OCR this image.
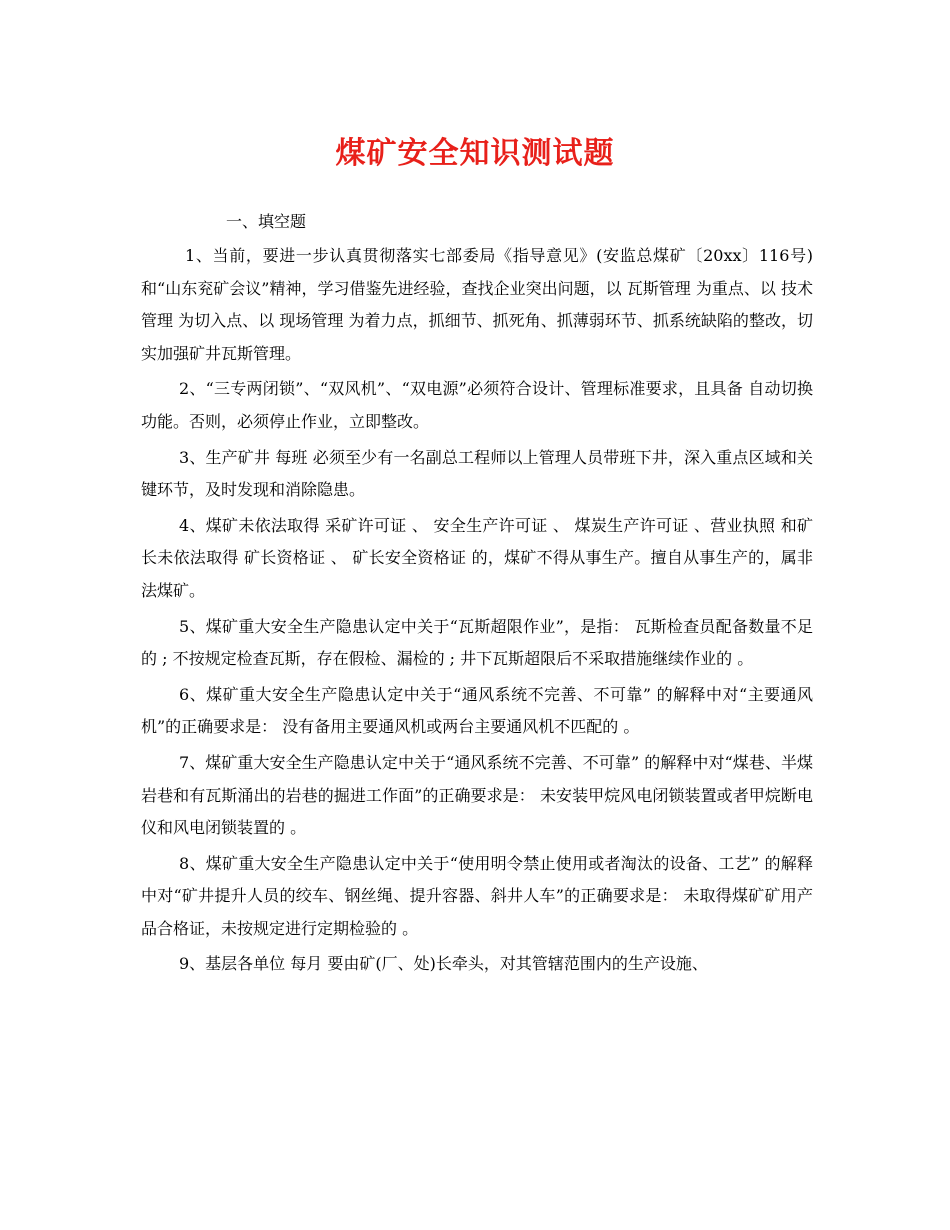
煤矿安全知识测试题
一、填空题

1、当前，要进一步认真贯彻落实七部委局《指导意见》(安监总煤矿〔20xx〕116号)和“山东兖矿会议”精神，学习借鉴先进经验，查找企业突出问题，以 瓦斯管理 为重点、以 技术管理 为切入点、以 现场管理 为着力点，抓细节、抓死角、抓薄弱环节、抓系统缺陷的整改，切实加强矿井瓦斯管理。

2、“三专两闭锁”、“双风机”、“双电源”必须符合设计、管理标准要求，且具备 自动切换 功能。否则，必须停止作业，立即整改。

3、生产矿井 每班 必须至少有一名副总工程师以上管理人员带班下井，深入重点区域和关键环节，及时发现和消除隐患。

4、煤矿未依法取得 采矿许可证 、 安全生产许可证 、 煤炭生产许可证 、营业执照 和矿长未依法取得 矿长资格证 、 矿长安全资格证 的，煤矿不得从事生产。擅自从事生产的，属非法煤矿。

5、煤矿重大安全生产隐患认定中关于“瓦斯超限作业”，是指： 瓦斯检查员配备数量不足的 ; 不按规定检查瓦斯，存在假检、漏检的 ; 井下瓦斯超限后不采取措施继续作业的 。

6、煤矿重大安全生产隐患认定中关于“通风系统不完善、不可靠” 的解释中对“主要通风机”的正确要求是： 没有备用主要通风机或两台主要通风机不匹配的 。

7、煤矿重大安全生产隐患认定中关于“通风系统不完善、不可靠” 的解释中对“煤巷、半煤岩巷和有瓦斯涌出的岩巷的掘进工作面”的正确要求是： 未安装甲烷风电闭锁装置或者甲烷断电仪和风电闭锁装置的 。

8、煤矿重大安全生产隐患认定中关于“使用明令禁止使用或者淘汰的设备、工艺” 的解释中对“矿井提升人员的绞车、钢丝绳、提升容器、斜井人车”的正确要求是： 未取得煤矿矿用产品合格证，未按规定进行定期检验的 。

9、基层各单位 每月 要由矿(厂、处)长牵头，对其管辖范围内的生产设施、
